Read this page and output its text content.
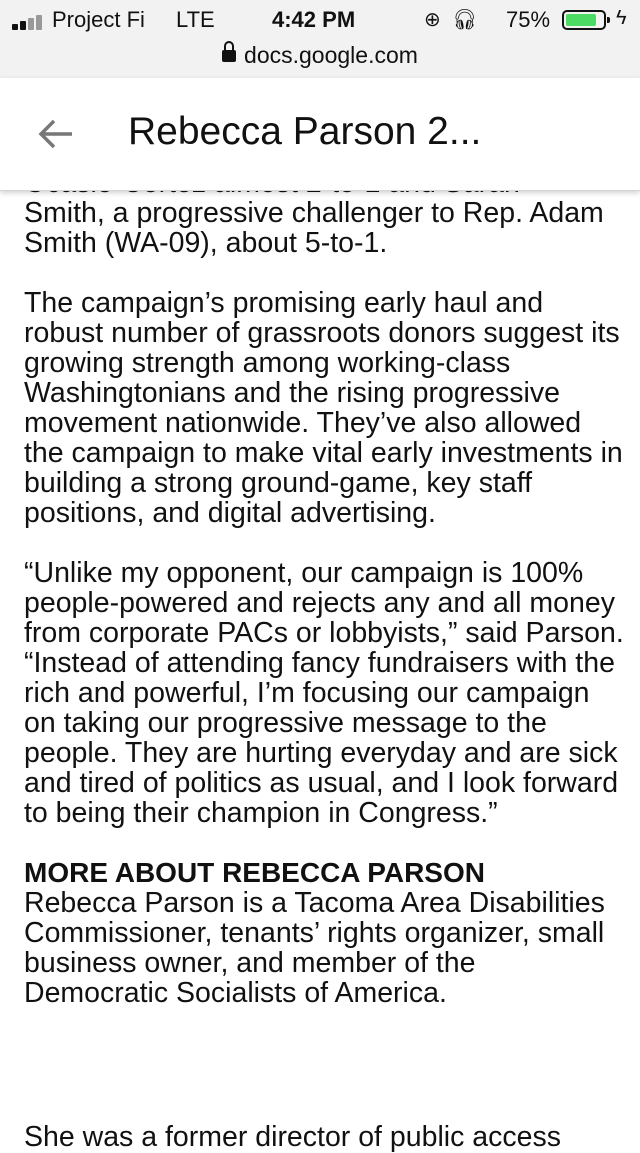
Project Fi LTE	4:42 PM	⊕ 🎧︎ 75%	ϟ
docs.google.com
Rebecca Parson 2...

Smith, a progressive challenger to Rep. Adam Smith (WA-09), about 5-to-1.

The campaign’s promising early haul and robust number of grassroots donors suggest its growing strength among working-class Washingtonians and the rising progressive movement nationwide. They’ve also allowed the campaign to make vital early investments in building a strong ground-game, key staff positions, and digital advertising.

“Unlike my opponent, our campaign is 100% people-powered and rejects any and all money from corporate PACs or lobbyists,” said Parson. “Instead of attending fancy fundraisers with the rich and powerful, I’m focusing our campaign on taking our progressive message to the people. They are hurting everyday and are sick and tired of politics as usual, and I look forward to being their champion in Congress.”

MORE ABOUT REBECCA PARSON

Rebecca Parson is a Tacoma Area Disabilities Commissioner, tenants’ rights organizer, small business owner, and member of the Democratic Socialists of America.

She was a former director of public access
